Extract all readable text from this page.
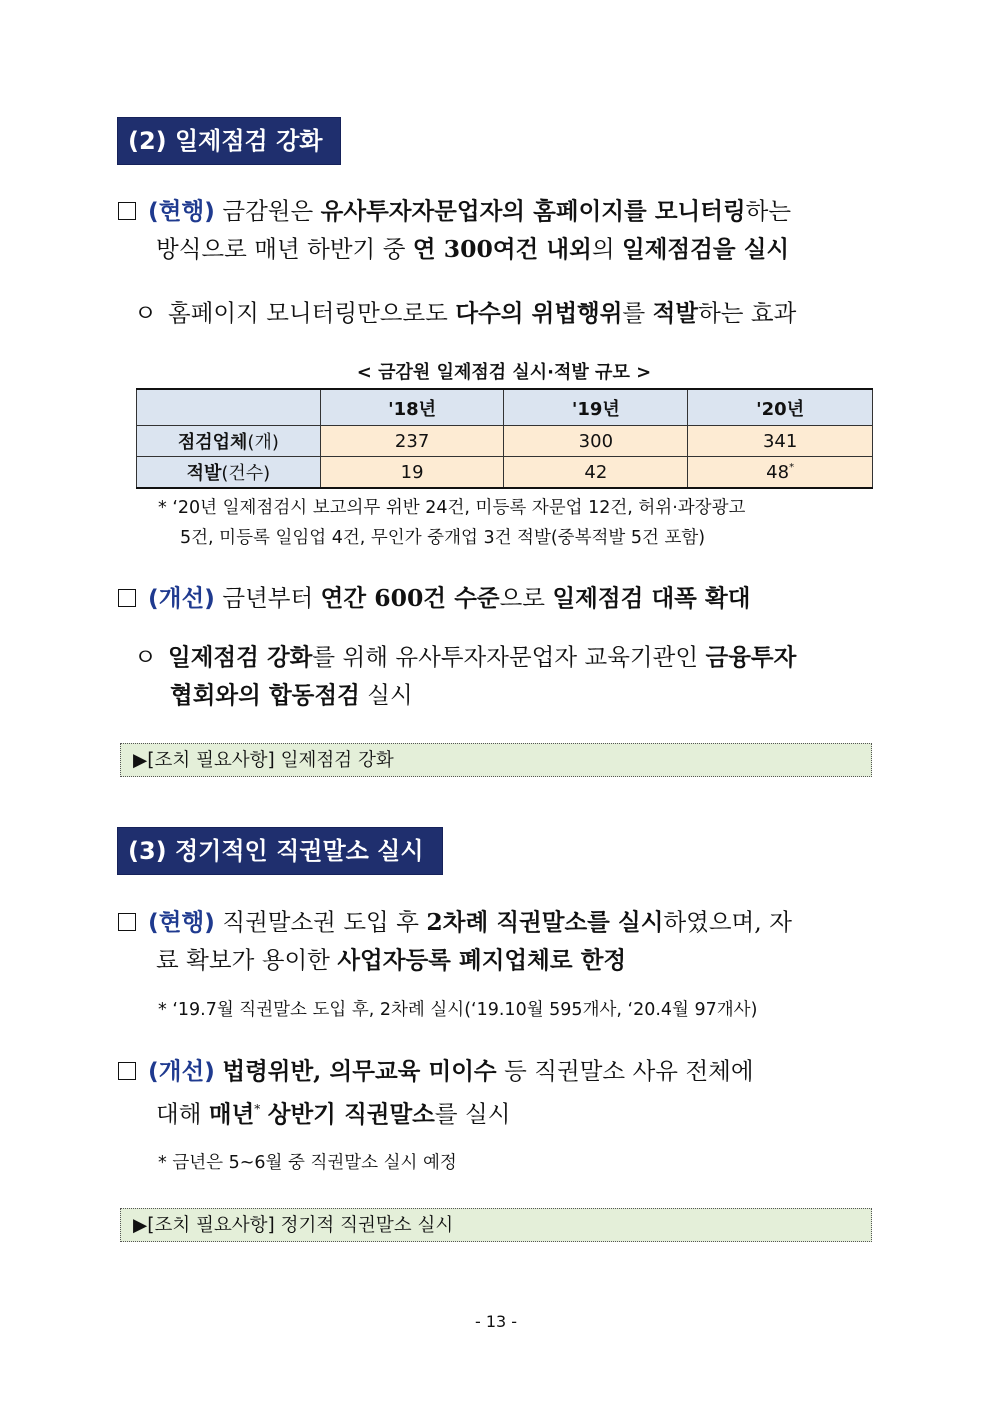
(2) 일제점검 강화
(현행) 금감원은 유사투자자문업자의 홈페이지를 모니터링하는
방식으로 매년 하반기 중 연 300여건 내외의 일제점검을 실시
ㅇ 홈페이지 모니터링만으로도 다수의 위법행위를 적발하는 효과
< 금감원 일제점검 실시·적발 규모 >
	'18년	'19년	'20년
점검업체(개)	237	300	341
적발(건수)	19	42	48*
* ‘20년 일제점검시 보고의무 위반 24건, 미등록 자문업 12건, 허위·과장광고
5건, 미등록 일임업 4건, 무인가 중개업 3건 적발(중복적발 5건 포함)
(개선) 금년부터 연간 600건 수준으로 일제점검 대폭 확대
ㅇ 일제점검 강화를 위해 유사투자자문업자 교육기관인 금융투자
협회와의 합동점검 실시
▶[조치 필요사항] 일제점검 강화
(3) 정기적인 직권말소 실시
(현행) 직권말소권 도입 후 2차례 직권말소를 실시하였으며, 자
료 확보가 용이한 사업자등록 폐지업체로 한정
* ‘19.7월 직권말소 도입 후, 2차례 실시(‘19.10월 595개사, ‘20.4월 97개사)
(개선) 법령위반, 의무교육 미이수 등 직권말소 사유 전체에
대해 매년* 상반기 직권말소를 실시
* 금년은 5~6월 중 직권말소 실시 예정
▶[조치 필요사항] 정기적 직권말소 실시
- 13 -
